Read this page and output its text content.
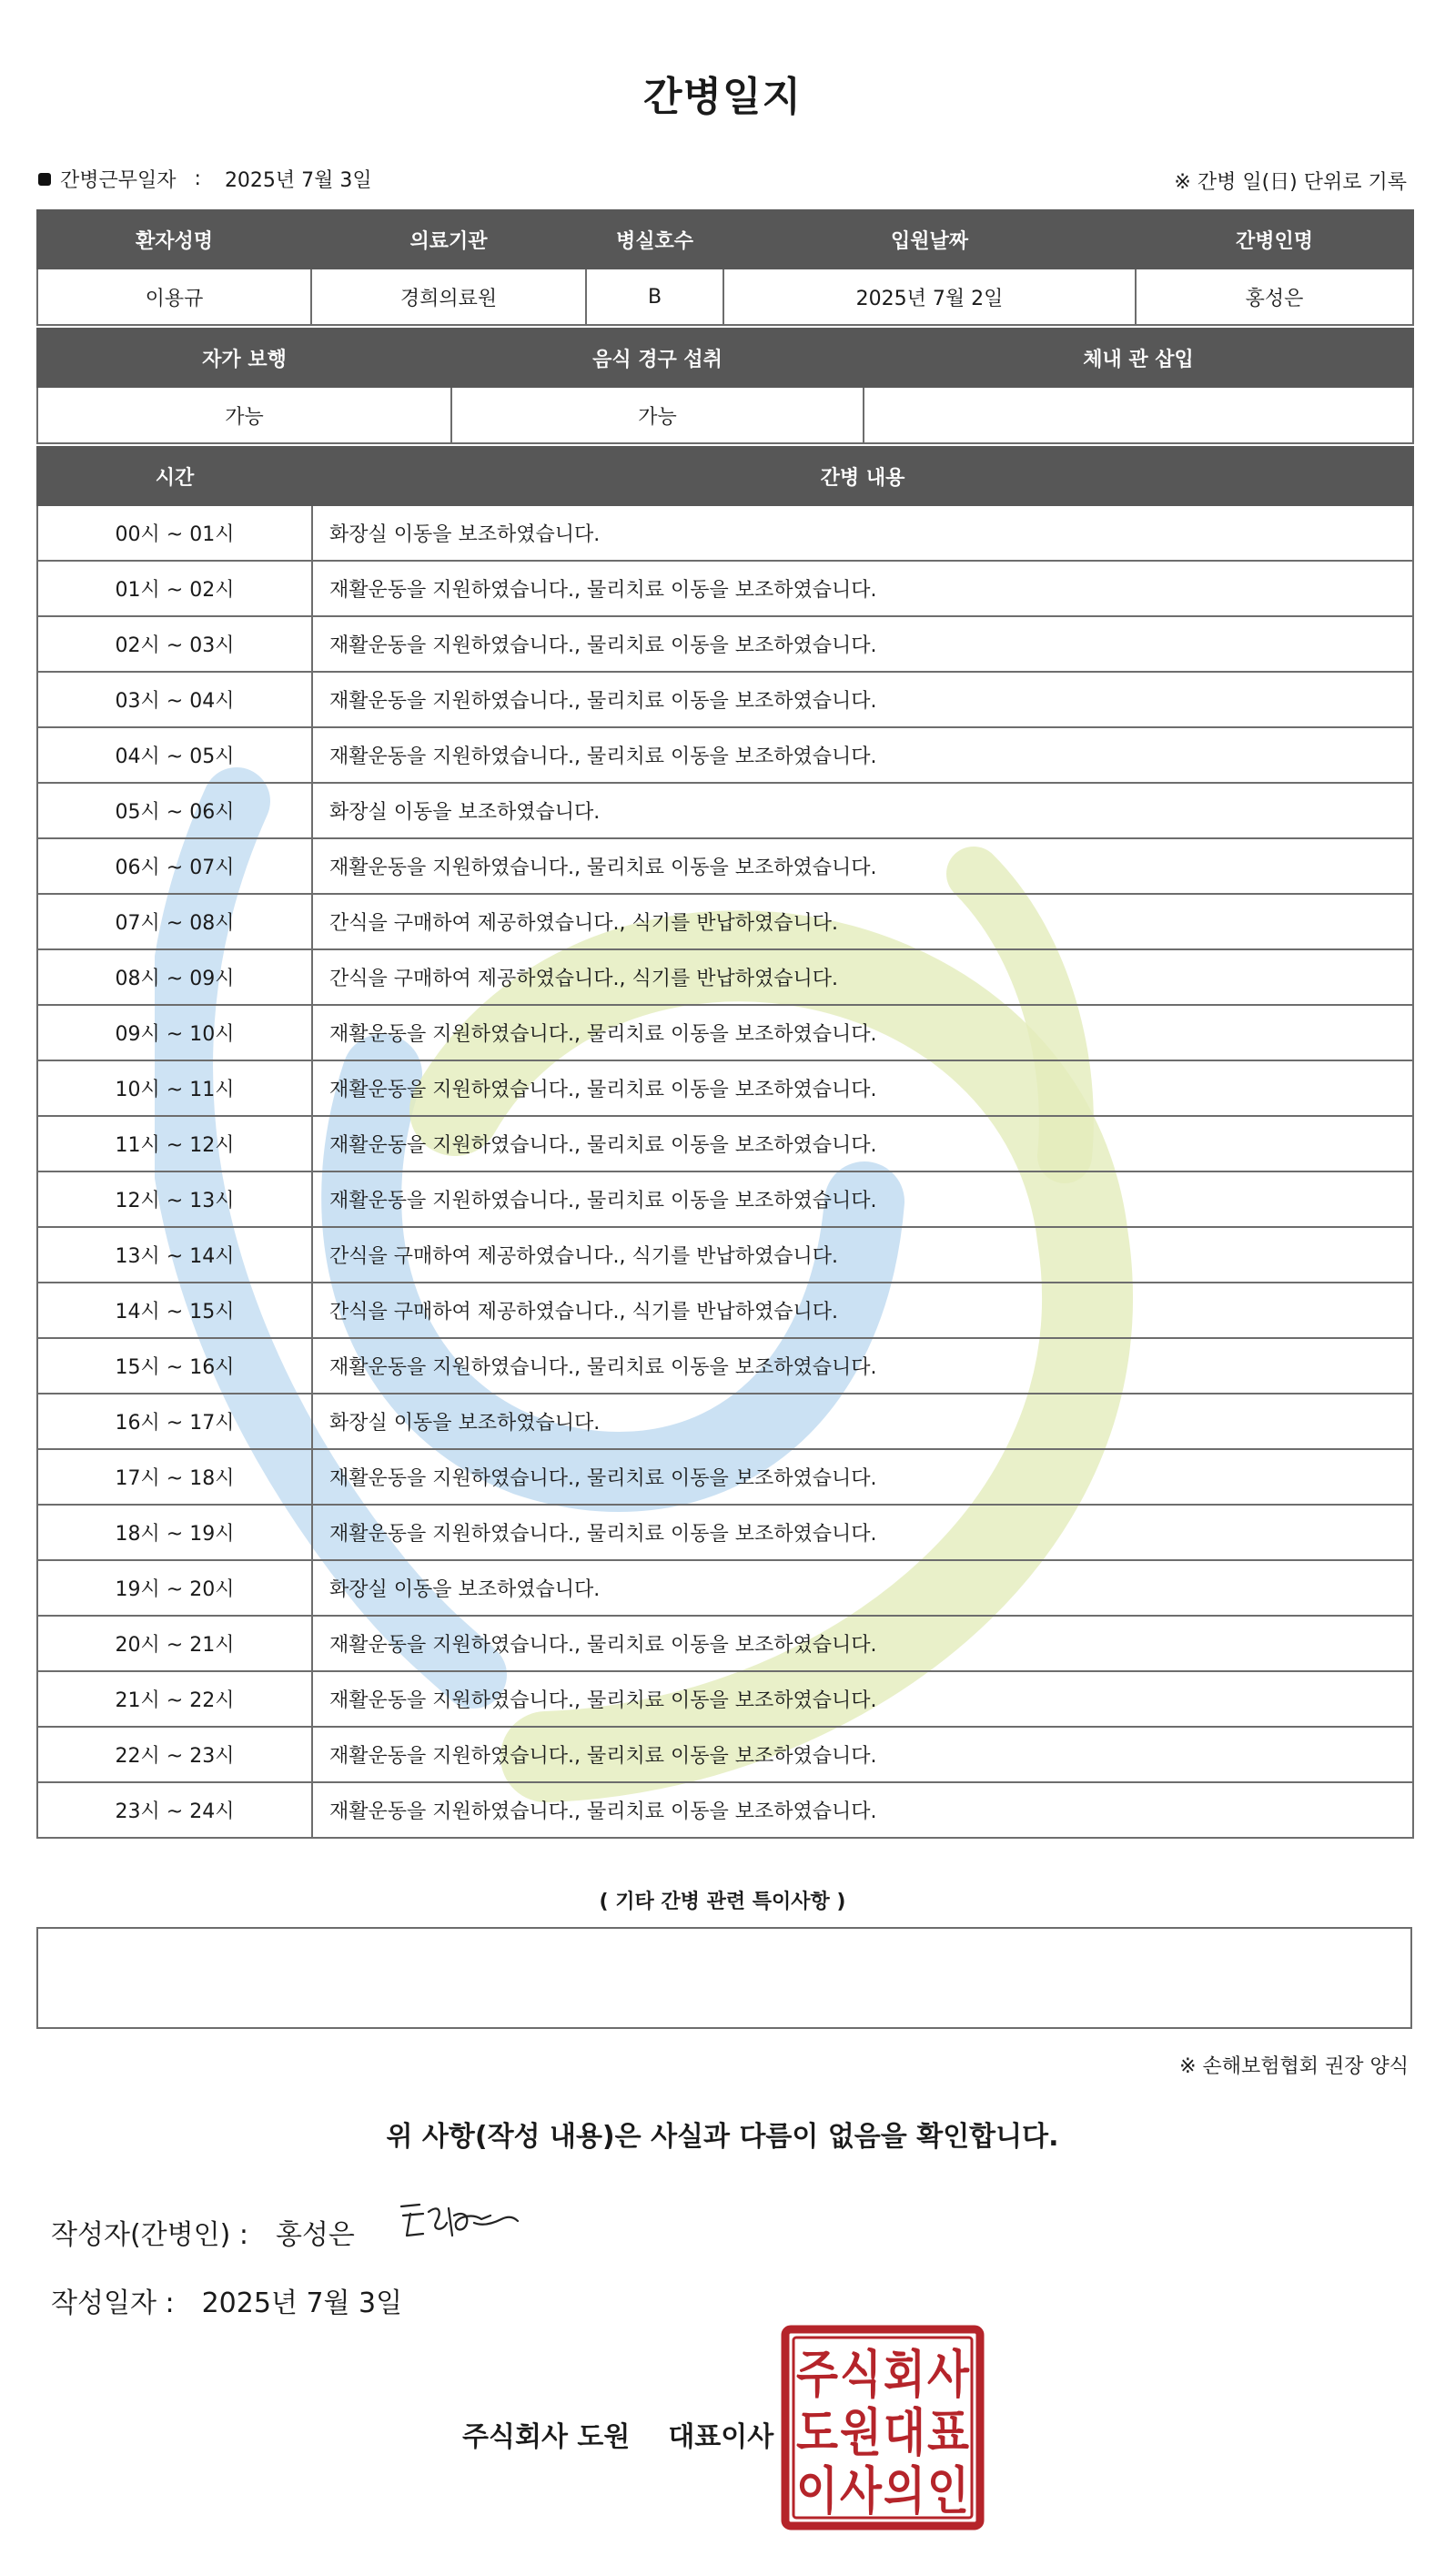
간병일지
간병근무일자 : 2025년 7월 3일	※ 간병 일(日) 단위로 기록
환자성명	의료기관	병실호수	입원날짜	간병인명
이용규	경희의료원	B	2025년 7월 2일	홍성은
자가 보행	음식 경구 섭취	체내 관 삽입
가능	가능	
시간	간병 내용
00시 ~ 01시	화장실 이동을 보조하였습니다.
01시 ~ 02시	재활운동을 지원하였습니다., 물리치료 이동을 보조하였습니다.
02시 ~ 03시	재활운동을 지원하였습니다., 물리치료 이동을 보조하였습니다.
03시 ~ 04시	재활운동을 지원하였습니다., 물리치료 이동을 보조하였습니다.
04시 ~ 05시	재활운동을 지원하였습니다., 물리치료 이동을 보조하였습니다.
05시 ~ 06시	화장실 이동을 보조하였습니다.
06시 ~ 07시	재활운동을 지원하였습니다., 물리치료 이동을 보조하였습니다.
07시 ~ 08시	간식을 구매하여 제공하였습니다., 식기를 반납하였습니다.
08시 ~ 09시	간식을 구매하여 제공하였습니다., 식기를 반납하였습니다.
09시 ~ 10시	재활운동을 지원하였습니다., 물리치료 이동을 보조하였습니다.
10시 ~ 11시	재활운동을 지원하였습니다., 물리치료 이동을 보조하였습니다.
11시 ~ 12시	재활운동을 지원하였습니다., 물리치료 이동을 보조하였습니다.
12시 ~ 13시	재활운동을 지원하였습니다., 물리치료 이동을 보조하였습니다.
13시 ~ 14시	간식을 구매하여 제공하였습니다., 식기를 반납하였습니다.
14시 ~ 15시	간식을 구매하여 제공하였습니다., 식기를 반납하였습니다.
15시 ~ 16시	재활운동을 지원하였습니다., 물리치료 이동을 보조하였습니다.
16시 ~ 17시	화장실 이동을 보조하였습니다.
17시 ~ 18시	재활운동을 지원하였습니다., 물리치료 이동을 보조하였습니다.
18시 ~ 19시	재활운동을 지원하였습니다., 물리치료 이동을 보조하였습니다.
19시 ~ 20시	화장실 이동을 보조하였습니다.
20시 ~ 21시	재활운동을 지원하였습니다., 물리치료 이동을 보조하였습니다.
21시 ~ 22시	재활운동을 지원하였습니다., 물리치료 이동을 보조하였습니다.
22시 ~ 23시	재활운동을 지원하였습니다., 물리치료 이동을 보조하였습니다.
23시 ~ 24시	재활운동을 지원하였습니다., 물리치료 이동을 보조하였습니다.
( 기타 간병 관련 특이사항 )
※ 손해보험협회 권장 양식
위 사항(작성 내용)은 사실과 다름이 없음을 확인합니다.
작성자(간병인) : 홍성은
작성일자 : 2025년 7월 3일
주식회사 도원 대표이사
주 식 회 사
도 원 대 표
이 사 의 인
